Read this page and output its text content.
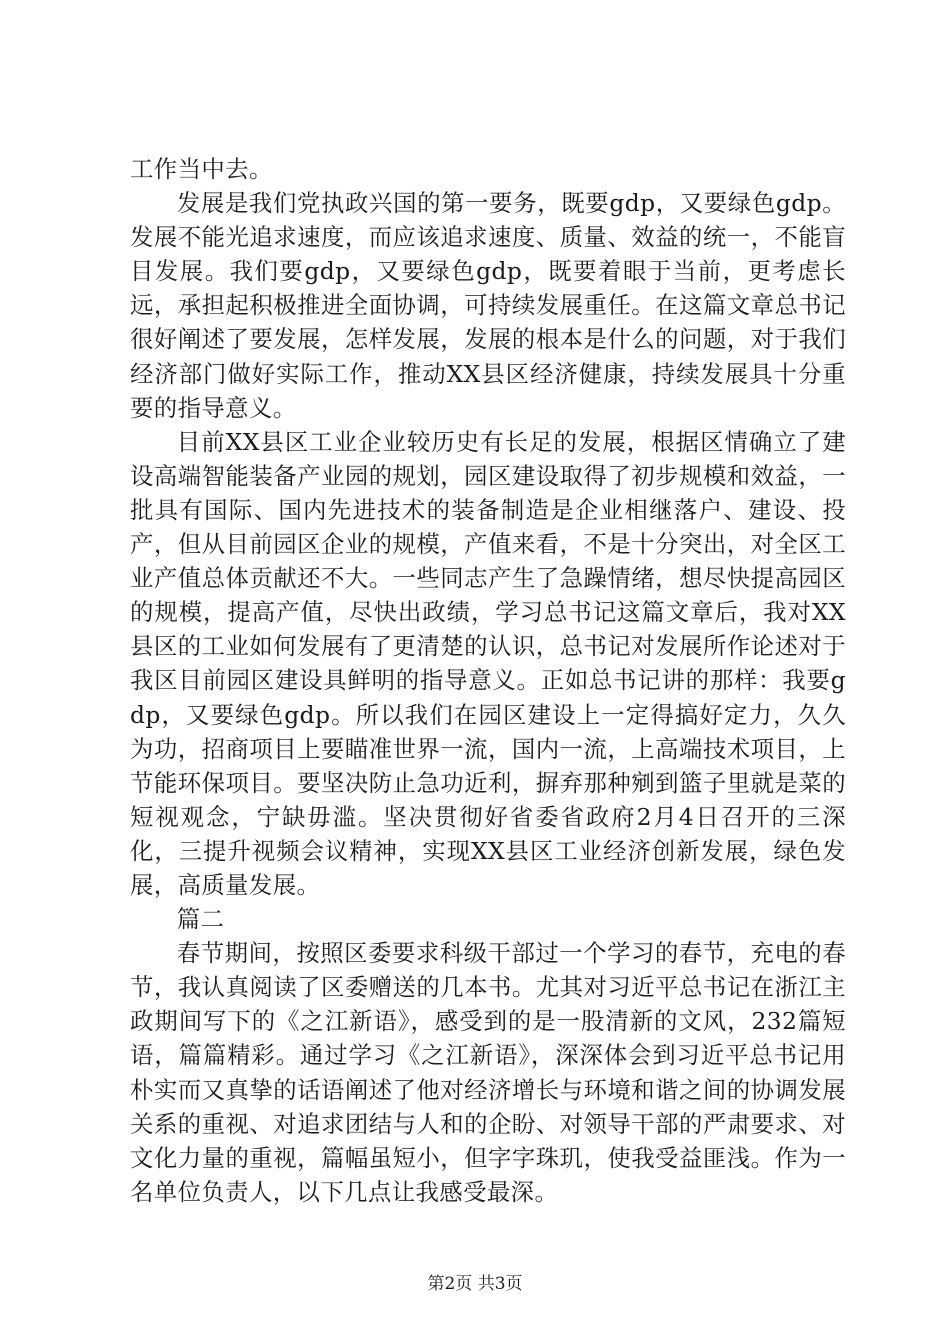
工作当中去。

发展是我们党执政兴国的第一要务，既要gdp，又要绿色gdp。发展不能光追求速度，而应该追求速度、质量、效益的统一，不能盲目发展。我们要gdp，又要绿色gdp，既要着眼于当前，更考虑长远，承担起积极推进全面协调，可持续发展重任。在这篇文章总书记很好阐述了要发展，怎样发展，发展的根本是什么的问题，对于我们经济部门做好实际工作，推动XX县区经济健康，持续发展具十分重要的指导意义。

目前XX县区工业企业较历史有长足的发展，根据区情确立了建设高端智能装备产业园的规划，园区建设取得了初步规模和效益，一批具有国际、国内先进技术的装备制造是企业相继落户、建设、投产，但从目前园区企业的规模，产值来看，不是十分突出，对全区工业产值总体贡献还不大。一些同志产生了急躁情绪，想尽快提高园区的规模，提高产值，尽快出政绩，学习总书记这篇文章后，我对XX县区的工业如何发展有了更清楚的认识，总书记对发展所作论述对于我区目前园区建设具鲜明的指导意义。正如总书记讲的那样：我要gdp，又要绿色gdp。所以我们在园区建设上一定得搞好定力，久久为功，招商项目上要瞄准世界一流，国内一流，上高端技术项目，上节能环保项目。要坚决防止急功近利，摒弃那种剜到篮子里就是菜的短视观念，宁缺毋滥。坚决贯彻好省委省政府2月4日召开的三深化，三提升视频会议精神，实现XX县区工业经济创新发展，绿色发展，高质量发展。

篇二

春节期间，按照区委要求科级干部过一个学习的春节，充电的春节，我认真阅读了区委赠送的几本书。尤其对习近平总书记在浙江主政期间写下的《之江新语》，感受到的是一股清新的文风，232篇短语，篇篇精彩。通过学习《之江新语》，深深体会到习近平总书记用朴实而又真挚的话语阐述了他对经济增长与环境和谐之间的协调发展关系的重视、对追求团结与人和的企盼、对领导干部的严肃要求、对文化力量的重视，篇幅虽短小，但字字珠玑，使我受益匪浅。作为一名单位负责人，以下几点让我感受最深。

第2页 共3页
